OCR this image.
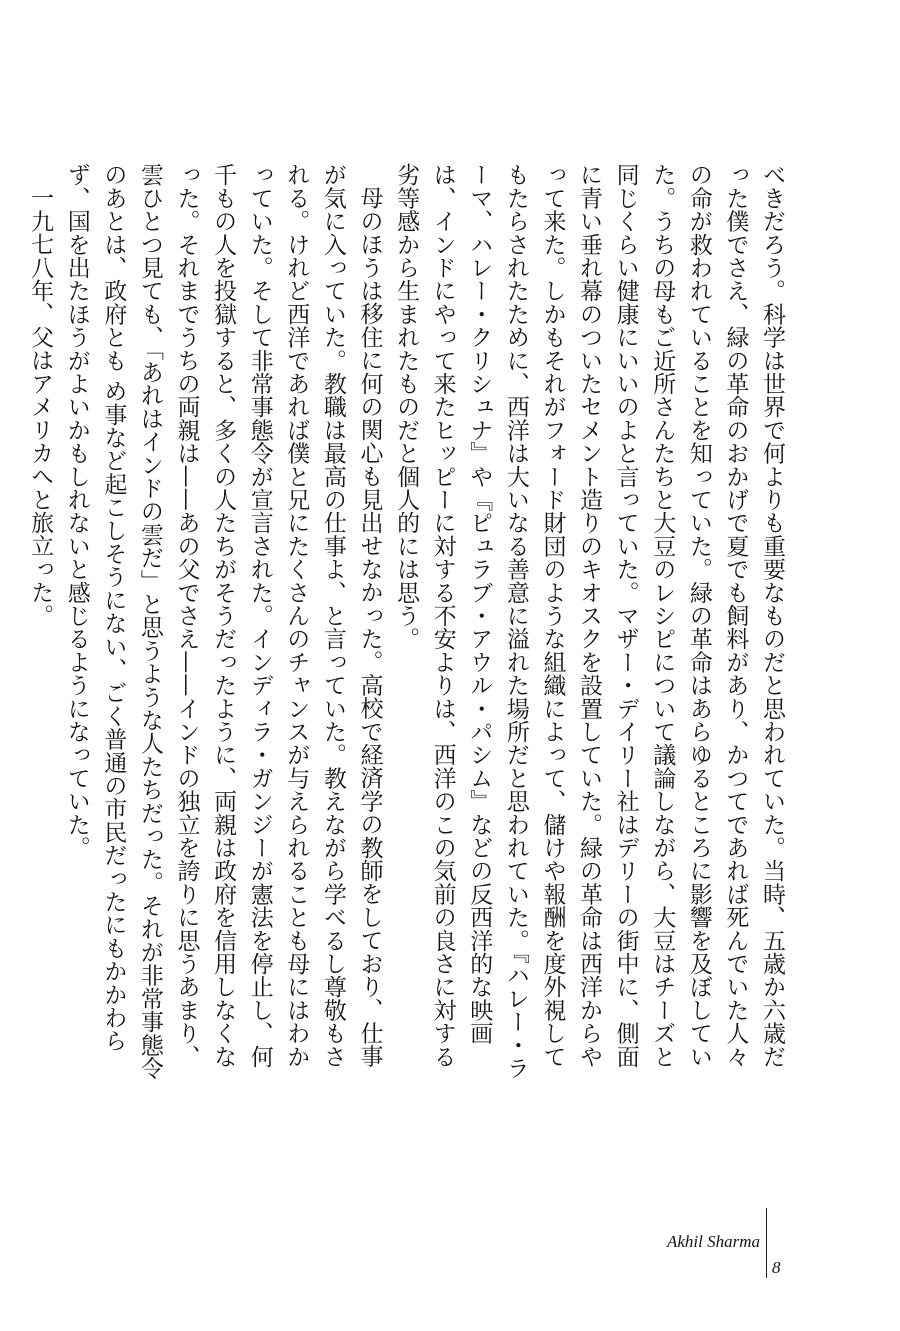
べきだろう。科学は世界で何よりも重要なものだと思われていた。当時、五歳か六歳だった僕でさえ、緑の革命のおかげで夏でも飼料があり、かつてであれば死んでいた人々の命が救われていることを知っていた。緑の革命はあらゆるところに影響を及ぼしていた。うちの母もご近所さんたちと大豆のレシピについて議論しながら、大豆はチーズと同じくらい健康にいいのよと言っていた。マザー・デイリー社はデリーの街中に、側面に青い垂れ幕のついたセメント造りのキオスクを設置していた。緑の革命は西洋からやって来た。しかもそれがフォード財団のような組織によって、儲けや報酬を度外視してもたらされたために、西洋は大いなる善意に溢れた場所だと思われていた。『ハレー・ラーマ、ハレー・クリシュナ』や『ピュラブ・アウル・パシム』などの反西洋的な映画は、インドにやって来たヒッピーに対する不安よりは、西洋のこの気前の良さに対する劣等感から生まれたものだと個人的には思う。

母のほうは移住に何の関心も見出せなかった。高校で経済学の教師をしており、仕事が気に入っていた。教職は最高の仕事よ、と言っていた。教えながら学べるし尊敬もされる。けれど西洋であれば僕と兄にたくさんのチャンスが与えられることも母にはわかっていた。そして非常事態令が宣言された。インディラ・ガンジーが憲法を停止し、何千もの人を投獄すると、多くの人たちがそうだったように、両親は政府を信用しなくなった。それまでうちの両親は——あの父でさえ——インドの独立を誇りに思うあまり、雲ひとつ見ても、「あれはインドの雲だ」と思うような人たちだった。それが非常事態令のあとは、政府とも め事など起こしそうにない、ごく普通の市民だったにもかかわらず、国を出たほうがよいかもしれないと感じるようになっていた。

一九七八年、父はアメリカへと旅立った。

Akhil Sharma
8
